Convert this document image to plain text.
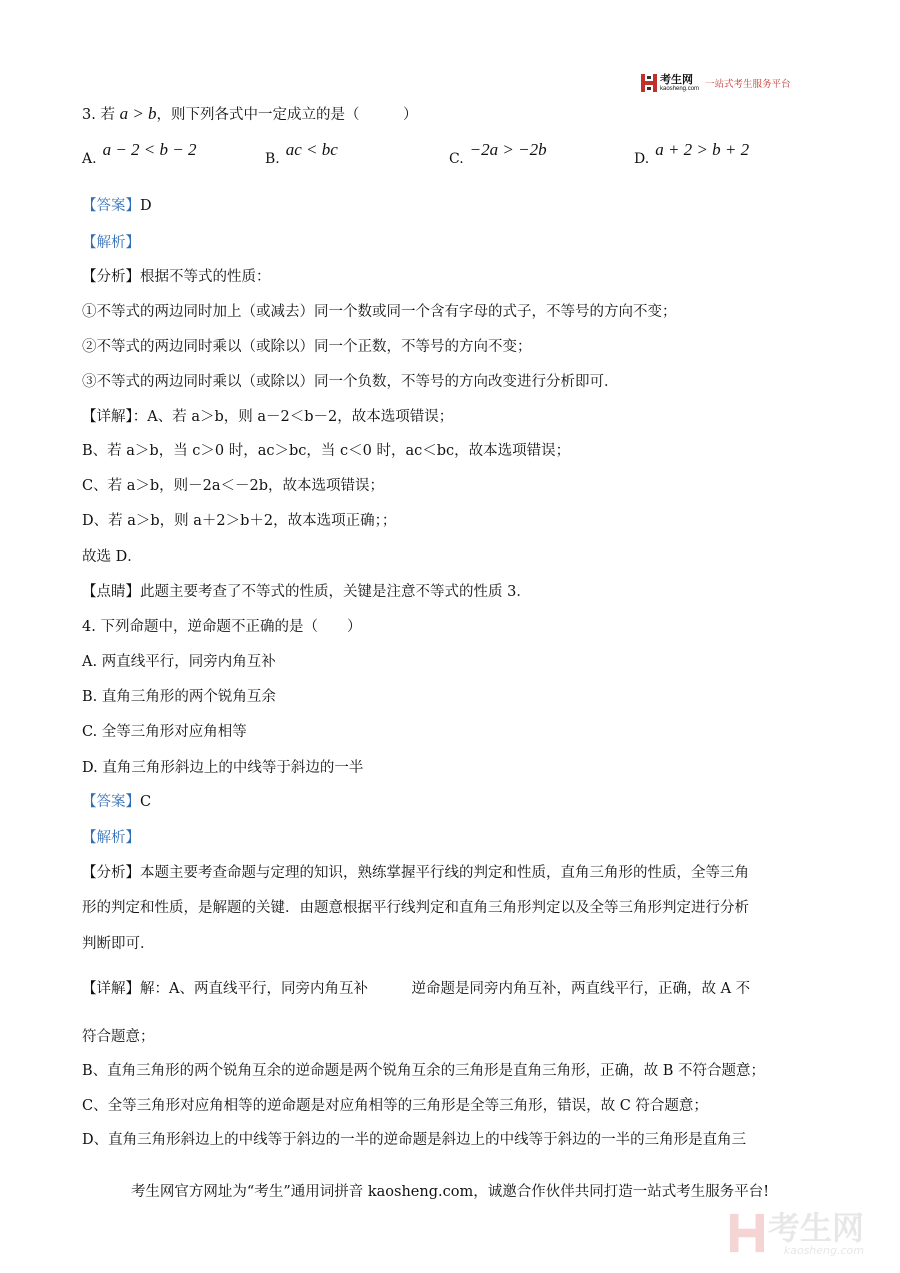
考生网
kaosheng.com 一站式考生服务平台
3. 若 a > b，则下列各式中一定成立的是（　　　）
A. a − 2 < b − 2	B. ac < bc	C. −2a > −2b	D. a + 2 > b + 2
【答案】D
【解析】
【分析】根据不等式的性质：
①不等式的两边同时加上（或减去）同一个数或同一个含有字母的式子，不等号的方向不变；
②不等式的两边同时乘以（或除以）同一个正数，不等号的方向不变；
③不等式的两边同时乘以（或除以）同一个负数，不等号的方向改变进行分析即可．
【详解】：A、若 a＞b，则 a－2＜b－2，故本选项错误；
B、若 a＞b，当 c＞0 时，ac＞bc，当 c＜0 时，ac＜bc，故本选项错误；
C、若 a＞b，则－2a＜－2b，故本选项错误；
D、若 a＞b，则 a＋2＞b＋2，故本选项正确；；
故选 D．
【点睛】此题主要考查了不等式的性质，关键是注意不等式的性质 3．
4. 下列命题中，逆命题不正确的是（　　）
A. 两直线平行，同旁内角互补
B. 直角三角形的两个锐角互余
C. 全等三角形对应角相等
D. 直角三角形斜边上的中线等于斜边的一半
【答案】C
【解析】
【分析】本题主要考查命题与定理的知识，熟练掌握平行线的判定和性质，直角三角形的性质，全等三角
形的判定和性质，是解题的关键．由题意根据平行线判定和直角三角形判定以及全等三角形判定进行分析
判断即可．
【详解】解：A、两直线平行，同旁内角互补　　　逆命题是同旁内角互补，两直线平行，正确，故 A 不
符合题意；
B、直角三角形的两个锐角互余的逆命题是两个锐角互余的三角形是直角三角形，正确，故 B 不符合题意；
C、全等三角形对应角相等的逆命题是对应角相等的三角形是全等三角形，错误，故 C 符合题意；
D、直角三角形斜边上的中线等于斜边的一半的逆命题是斜边上的中线等于斜边的一半的三角形是直角三
考生网官方网址为“考生”通用词拼音 kaosheng.com，诚邀合作伙伴共同打造一站式考生服务平台!
考生网
kaosheng.com
